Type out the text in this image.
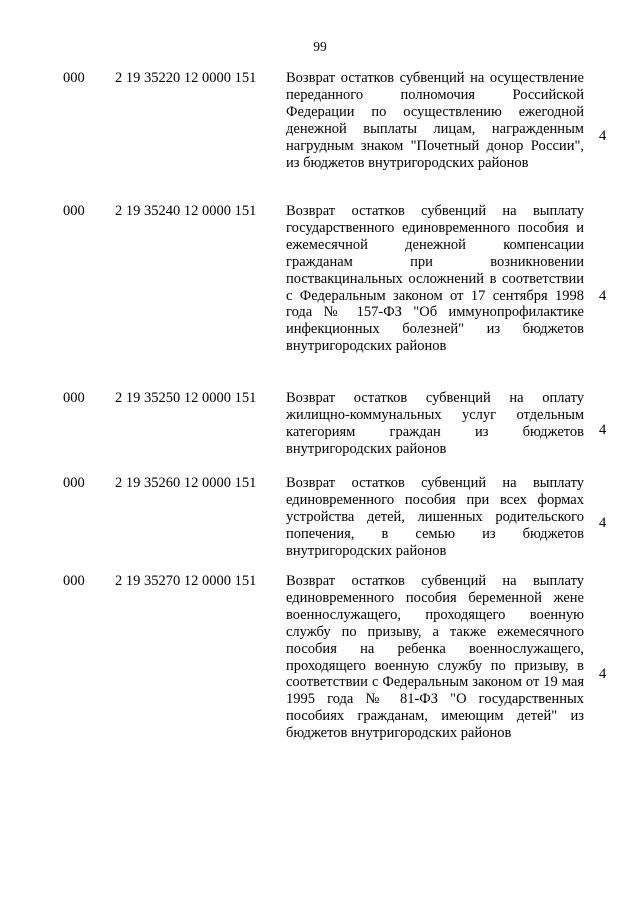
99
000 2 19 35220 12 0000 151 Возврат остатков субвенций на осуществление переданного полномочия Российской Федерации по осуществлению ежегодной денежной выплаты лицам, награжденным нагрудным знаком "Почетный донор России", из бюджетов внутригородских районов
4
000 2 19 35240 12 0000 151 Возврат остатков субвенций на выплату государственного единовременного пособия и ежемесячной денежной компенсации гражданам при возникновении поствакцинальных осложнений в соответствии с Федеральным законом от 17 сентября 1998 года № 157-ФЗ "Об иммунопрофилактике инфекционных болезней" из бюджетов внутригородских районов
4
000 2 19 35250 12 0000 151 Возврат остатков субвенций на оплату жилищно-коммунальных услуг отдельным категориям граждан из бюджетов внутригородских районов
4
000 2 19 35260 12 0000 151 Возврат остатков субвенций на выплату единовременного пособия при всех формах устройства детей, лишенных родительского попечения, в семью из бюджетов внутригородских районов
4
000 2 19 35270 12 0000 151 Возврат остатков субвенций на выплату единовременного пособия беременной жене военнослужащего, проходящего военную службу по призыву, а также ежемесячного пособия на ребенка военнослужащего, проходящего военную службу по призыву, в соответствии с Федеральным законом от 19 мая 1995 года № 81-ФЗ "О государственных пособиях гражданам, имеющим детей" из бюджетов внутригородских районов
4
